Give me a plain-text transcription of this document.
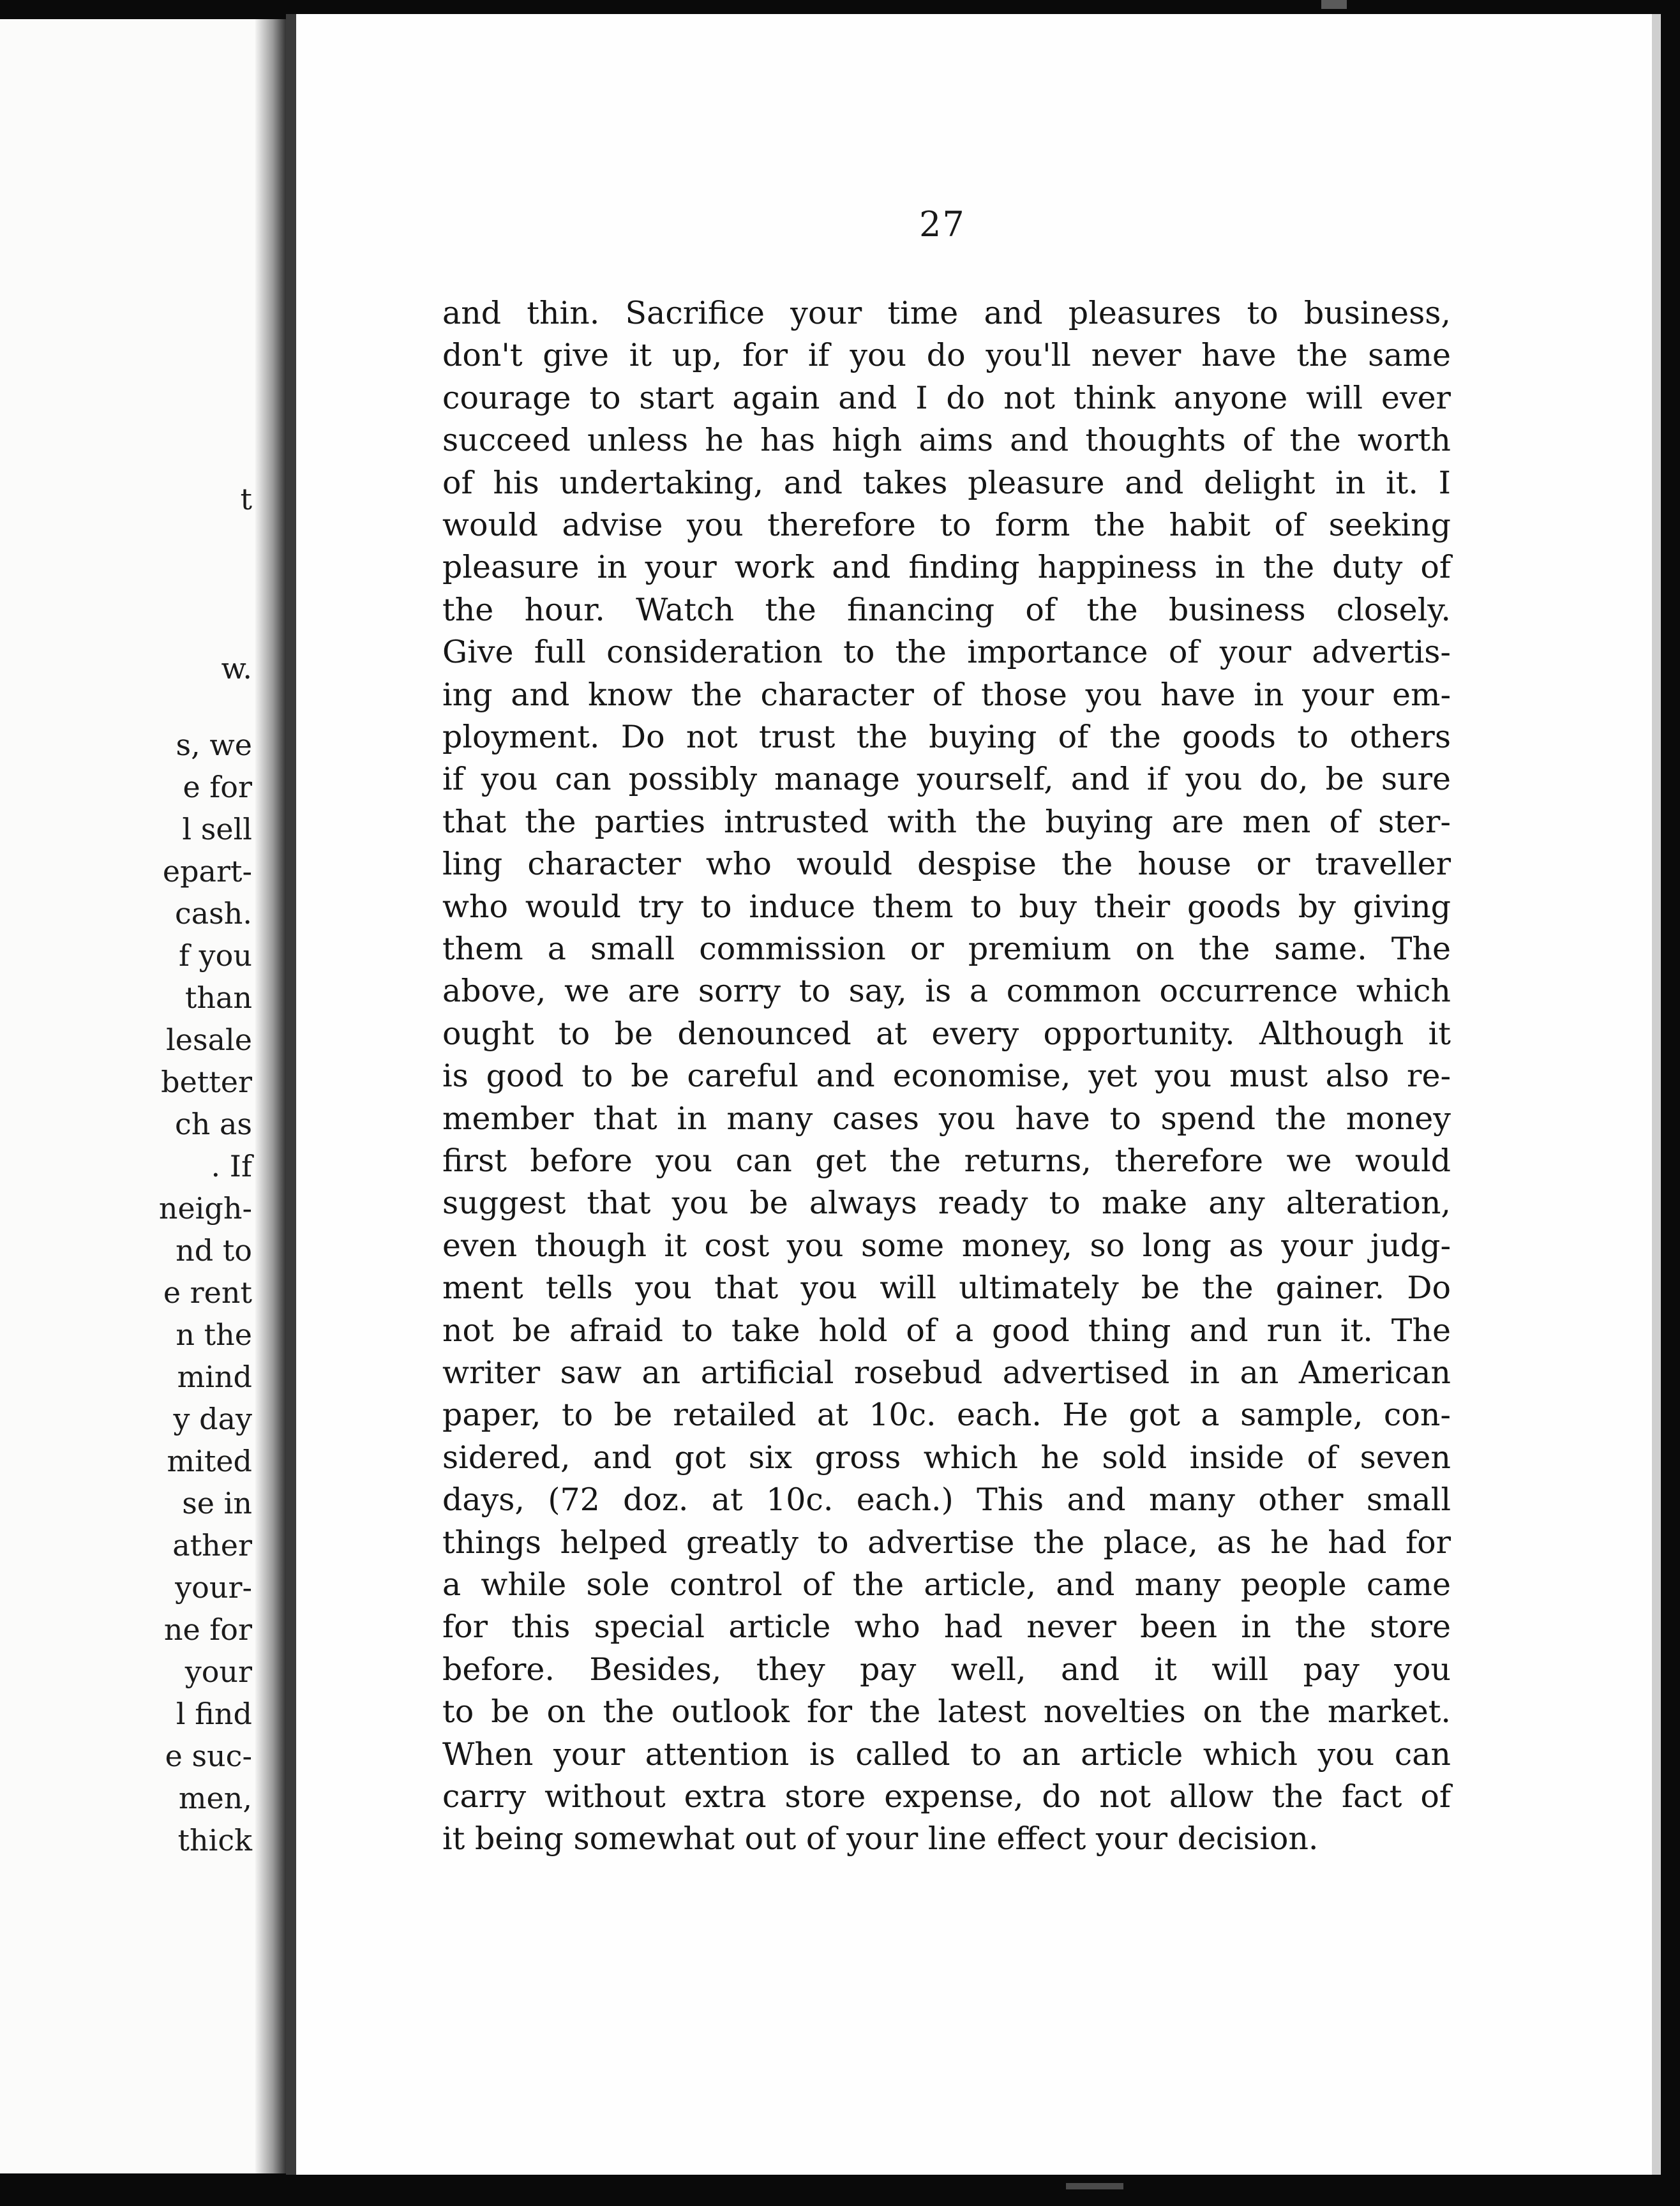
t
w.
s, we
e for
l sell
epart-
cash.
f you
than
lesale
better
ch as
. If
neigh-
nd to
e rent
n the
mind
y day
mited
se in
ather
your-
ne for
your
l find
e suc-
men,
thick
27
and thin. Sacrifice your time and pleasures to business,
don't give it up, for if you do you'll never have the same
courage to start again and I do not think anyone will ever
succeed unless he has high aims and thoughts of the worth
of his undertaking, and takes pleasure and delight in it. I
would advise you therefore to form the habit of seeking
pleasure in your work and finding happiness in the duty of
the hour. Watch the financing of the business closely.
Give full consideration to the importance of your advertis-
ing and know the character of those you have in your em-
ployment. Do not trust the buying of the goods to others
if you can possibly manage yourself, and if you do, be sure
that the parties intrusted with the buying are men of ster-
ling character who would despise the house or traveller
who would try to induce them to buy their goods by giving
them a small commission or premium on the same. The
above, we are sorry to say, is a common occurrence which
ought to be denounced at every opportunity. Although it
is good to be careful and economise, yet you must also re-
member that in many cases you have to spend the money
first before you can get the returns, therefore we would
suggest that you be always ready to make any alteration,
even though it cost you some money, so long as your judg-
ment tells you that you will ultimately be the gainer. Do
not be afraid to take hold of a good thing and run it. The
writer saw an artificial rosebud advertised in an American
paper, to be retailed at 10c. each. He got a sample, con-
sidered, and got six gross which he sold inside of seven
days, (72 doz. at 10c. each.) This and many other small
things helped greatly to advertise the place, as he had for
a while sole control of the article, and many people came
for this special article who had never been in the store
before. Besides, they pay well, and it will pay you
to be on the outlook for the latest novelties on the market.
When your attention is called to an article which you can
carry without extra store expense, do not allow the fact of
it being somewhat out of your line effect your decision.
